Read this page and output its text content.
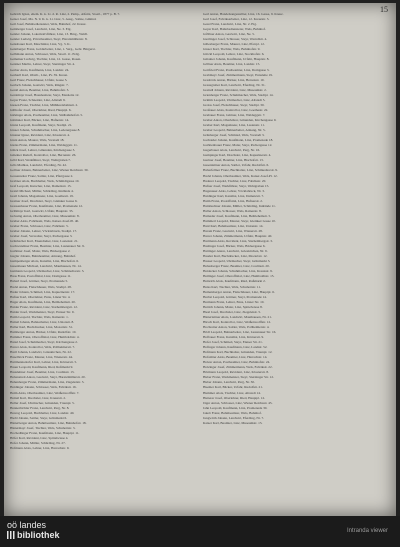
15

Gehrich Ignaz, ehem. K. k. Lt. d. R. Linz, 2. Pamp., Alfeitz, Stoatl., 1877 p. B. 7.

Geiser Josef, Ma. N. 9. K. k. Lt. Linz, 5. Ausg., Saline, Gmünd.

Geil Josef, Bahnbediensteter, Wels, Bahnhof, 22. Kreuz.

Geinberger Josef, Landwirt, Linz, Ne. 3. Eig.

Geisler Johann, Lokomotivführer, Linz, 13. Brng., Weldl.

Geisler Ludwig, Privatbeamter, Steyr, Haratzmüllerstr. 8.

Geissbauer Karl, Maschinist, Linz, Vg. 3. K.

Geistberger Franz, Goldarbeiter, Linz, 1. Verg., Gebr. Bürgerst.

Gelbmann Anton, Schlosser, Wels, Stoatl. 11. Erdg.

Gemeiner Ludwig, Tischler, Linz, 12. Gasse, Rosen.

Gentner Martin, Lehrer, Steyr, Sierninger Str. 4.

Gerber Alois, Kaufmann, Linz, Landstr. 24.

Gerhartl Karl, Obstlt., Linz, Pv. 39. Kreuz.

Gerl Franz, Fleischhauer, Urfahr, Gasse 5.

Gerlach Johann, Gastwirt, Wels, Ringstr. 7.

Gerstl Anton, Beamter, Linz, Bahnhofstr. 3.

Gerstmayr Josef, Hausbesitzer, Steyr, Ennsleite 12.

Geyer Franz, Schneider, Linz, Altstadt 9.

Giesen Franz, Tischler, Linz, Mühlkreisbahnstr. 2.

Gillhofer Josef, Oberlehrer, Ried, Hauptpl. 6.

Girkinger Alois, Postbeamter, Linz, Südbahnhofstr. 5.

Gittmaier Karl, Bäcker, Linz, Hafnerstr. 14.

Glanz Leopold, Kaufmann, Steyr, Stadtpl. 21.

Glaser Johann, Schuhmacher, Linz, Lederergasse 8.

Glasner Ignaz, Revident, Linz, Klosterstr. 4.

Glatz Anton, Maurer, Wels, Vorstadt 18.

Gleiss Franz, Zimmermann, Linz, Waldeggstr. 11.

Glück Josef, Lehrer, Gmunden, Kirchengasse 3.

Gmeiner Rudolf, Kontrollor, Linz, Herrenstr. 26.

Göbl Karl, Werkführer, Steyr, Wehrgraben 7.

Göls Mathias, Landwirt, Eferding, Nr. 42.

Gollner Johann, Bahnarbeiter, Linz, Wiener Reichsstr. 30.

Gossenreiter Franz, Sattler, Linz, Pfarrgasse 2.

Grabner Alois, Buchhalter, Wels, Schmidtgasse 10.

Graf Leopold, Kutscher, Linz, Dametzstr. 15.

Gratzl Michael, Müller, Schärding, Innlände 4.

Greil Johann, Magazineur, Linz, Goethestr. 19.

Greiner Josef, Drechsler, Steyr, Gleinker Gasse 6.

Gressenbauer Franz, Kaufmann, Linz, Promenade 12.

Grillmayr Karl, Gastwirt, Urfahr, Hauptstr. 33.

Grössing Anton, Oberbeamter, Linz, Museumstr. 8.

Gruber Alois, Fabrikant, Wels, Kaiser-Josef-Pl. 40.

Gruber Franz, Schlosser, Linz, Fabrikstr. 5.

Gruber Johann, Lehrer, Vöcklabruck, Stadtpl. 17.

Gruber Josef, Verwalter, Steyr, Pachergasse 3.

Grünbacher Karl, Eisendreher, Linz, Lastenstr. 21.

Gschwandtner Franz, Beamter, Linz, Lustenauer Str. 9.

Gstöttner Josef, Maler, Wels, Bäckergasse 2.

Gugler Johann, Bahnbeamter, Attnang, Bahnhof.

Gumpenberger Alois, Kanzlist, Linz, Bischofstr. 6.

Gusenbauer Michael, Landwirt, Mauthausen, Nr. 14.

Gutmann Leopold, Uhrmacher, Linz, Schmiedtorstr. 3.

Haas Franz, Postoffizial, Linz, Domgasse 11.

Haberl Josef, Gärtner, Steyr, Promenade 5.

Hackl Anton, Fleischhauer, Wels, Stadtpl. 28.

Hader Johann, Schmied, Linz, Kapuzinerstr. 17.

Hafner Karl, Oberlehrer, Enns, Linzer Str. 4.

Hager Alois, Kaufmann, Linz, Bethlehemstr. 20.

Haider Franz, Revident, Linz, Starhembergstr. 12.

Haider Josef, Werkmeister, Steyr, Ennser Str. 9.

Haim Leopold, Tischler, Wels, Rainerstr. 1.

Hainzl Johann, Bahnarbeiter, Linz, Unionstr. 8.

Haller Karl, Buchdrucker, Linz, Mozartstr. 31.

Hamberger Anton, Bäcker, Urfahr, Rudolfstr. 10.

Hammer Franz, Oberoffizial, Linz, Humboldtstr. 4.

Hansl Josef, Schuhmacher, Steyr, Kirchengasse 2.

Harrer Alois, Kontrollor, Wels, Pollheimerstr. 7.

Hartl Johann, Landwirt, Grieskirchen, Nr. 22.

Haselböck Franz, Maurer, Linz, Wienerstr. 44.

Hattmannsdorfer Karl, Lehrer, Linz, Körnerstr. 5.

Hauer Leopold, Kaufmann, Ried, Roßmarkt 9.

Hausleitner Josef, Beamter, Linz, Coulinstr. 13.

Hebenstreit Anton, Gastwirt, Steyr, Haratzmüllerstr. 20.

Hehenberger Franz, Zimmermann, Linz, Ziegeleistr. 3.

Heidinger Johann, Schlosser, Wels, Fabrikstr. 16.

Heim Alois, Oberbeamter, Linz, Weißenwolffstr. 7.

Heinzl Karl, Drechsler, Linz, Kreuzstr. 2.

Heller Josef, Uhrmacher, Gmunden, Traunpl. 5.

Hennerbichler Franz, Landwirt, Perg, Nr. 8.

Herzog Leopold, Buchhalter, Linz, Landstr. 40.

Hiebl Johann, Sattler, Steyr, Grünmarkt 6.

Hinterberger Anton, Bahnbeamter, Linz, Bahnhofstr. 18.

Hintermayr Josef, Tischler, Wels, Schubertstr. 3.

Hochedlinger Franz, Kaufmann, Linz, Hauptpl. 11.

Höfer Karl, Revident, Linz, Spittelwiese 4.

Hofer Johann, Müller, Schärding, Nr. 27.

Hofmann Alois, Lehrer, Linz, Harrachstr. 9.

Gerl Anton, Handelsangestellter, Linz, 16. Gasse, 9. Kreuz.

Gerl Josef, Fabriksarbeiter, Linz, 12. Kreuzstr. 3.

Gessl Franz, Landwirt, Linz, Nr. 2. Eig.

Geyer Karl, Bahnbediensteter, Wels, Bahnhof.

Gföllner Anton, Gastwirt, Linz, Ne. 5.

Gierlinger Josef, Schlosser, Steyr, Werndlstr. 4.

Gillesberger Franz, Maurer, Linz, Pfarrpl. 12.

Glaser Karl, Tischler, Wels, Bahnhofstr. 9.

Glöckl Leopold, Lehrer, Linz, Stockhofstr. 6.

Gmainer Johann, Kaufmann, Urfahr, Hauptstr. 8.

Göllner Alois, Beamter, Linz, Landstr. 15.

Gottfried Franz, Postbeamter, Linz, Domgasse 3.

Grabmayr Josef, Zimmermann, Steyr, Ennsleite 19.

Grasböck Anton, Bäcker, Linz, Herrenstr. 10.

Grausgruber Karl, Landwirt, Eferding, Nr. 31.

Greindl Johann, Revident, Linz, Museumstr. 2.

Grienberger Franz, Schuhmacher, Wels, Stadtpl. 14.

Grimm Leopold, Uhrmacher, Linz, Altstadt 5.

Groiss Josef, Fleischhauer, Steyr, Stadtpl. 30.

Großauer Alois, Kontrollor, Linz, Goethestr. 22.

Grubauer Franz, Gärtner, Linz, Waldeggstr. 7.

Gruber Anton, Oberlehrer, Gmunden, Kirchengasse 9.

Gruber Karl, Magazineur, Linz, Lastenstr. 11.

Gruber Leopold, Bahnarbeiter, Attnang, Nr. 5.

Grünberger Josef, Schmied, Wels, Vorstadt 3.

Gschaider Johann, Kaufmann, Linz, Promenade 18.

Gstöttenbauer Franz, Maler, Steyr, Pachergasse 12.

Gugerbauer Alois, Landwirt, Perg, Nr. 16.

Gumpinger Karl, Drechsler, Linz, Kapuzinerstr. 4.

Gurtner Josef, Beamter, Linz, Bischofstr. 13.

Gusenleitner Anton, Sattler, Urfahr, Rudolfstr. 6.

Haberfellner Franz, Buchhalter, Linz, Schmiedtorstr. 9.

Hackl Johann, Oberbeamter, Wels, Kaiser-Josef-Pl. 12.

Haderer Leopold, Tischler, Linz, Fabrikstr. 20.

Hafner Josef, Werkführer, Steyr, Wehrgraben 15.

Hagenauer Alois, Lehrer, Vöcklabruck, Nr. 3.

Haidinger Karl, Kanzlist, Linz, Dametzstr. 7.

Haim Franz, Postoffizial, Linz, Hafnerstr. 2.

Hainbuchner Johann, Müller, Schärding, Innlände 11.

Haller Anton, Schlosser, Wels, Rainerstr. 8.

Hamader Josef, Kaufmann, Linz, Bethlehemstr. 5.

Hammerl Leopold, Maurer, Steyr, Gleinker Gasse 10.

Hanl Karl, Bahnbeamter, Linz, Unionstr. 14.

Harant Franz, Gastwirt, Linz, Wienerstr. 28.

Harrer Johann, Zimmermann, Urfahr, Hauptstr. 40.

Hartmann Alois, Revident, Linz, Starhembergstr. 3.

Haslinger Josef, Bäcker, Wels, Bäckergasse 6.

Hattinger Anton, Landwirt, Grieskirchen, Nr. 9.

Hauder Karl, Buchdrucker, Linz, Mozartstr. 12.

Hauser Leopold, Uhrmacher, Steyr, Grünmarkt 3.

Hebesberger Franz, Beamter, Linz, Coulinstr. 20.

Heidecker Johann, Schuhmacher, Linz, Kreuzstr. 9.

Heilinger Josef, Oberoffizial, Linz, Humboldtstr. 15.

Heinrich Alois, Kaufmann, Ried, Roßmarkt 2.

Heiss Karl, Tischler, Wels, Schubertstr. 11.

Hemetsberger Anton, Fleischhauer, Linz, Hauptpl. 6.

Herbst Leopold, Gärtner, Steyr, Promenade 14.

Hermann Franz, Lehrer, Enns, Linzer Str. 10.

Hettich Johann, Maler, Linz, Spittelwiese 8.

Hiesl Josef, Drechsler, Linz, Ziegeleistr. 5.

Hinterleitner Alois, Landwirt, Mauthausen, Nr. 21.

Hirsch Karl, Kontrollor, Linz, Weißenwolffstr. 12.

Hochreiter Anton, Sattler, Wels, Pollheimerstr. 4.

Hödl Leopold, Bahnarbeiter, Linz, Lustenauer Str. 16.

Hofbauer Franz, Kanzlist, Linz, Körnerstr. 9.

Hofer Josef, Schmied, Steyr, Ennser Str. 21.

Hofinger Johann, Kaufmann, Linz, Landstr. 52.

Hofmann Karl, Buchhalter, Gmunden, Traunpl. 12.

Hofstätter Alois, Beamter, Linz, Harrachstr. 14.

Holzer Anton, Postbeamter, Linz, Bahnhofstr. 24.

Holzinger Josef, Zimmermann, Wels, Fabrikstr. 22.

Hörmann Leopold, Revident, Linz, Klosterstr. 8.

Huber Franz, Werkmeister, Steyr, Sierninger Str. 12.

Huber Johann, Landwirt, Perg, Nr. 30.

Huemer Karl, Bäcker, Urfahr, Rudolfstr. 21.

Hummer Alois, Tischler, Linz, Altstadt 14.

Hutterer Josef, Oberlehrer, Ried, Hauptpl. 12.

Jäger Anton, Schlosser, Linz, Wiener Reichsstr. 45.

Jahn Leopold, Kaufmann, Linz, Promenade 30.

Jakob Franz, Bahnbeamter, Wels, Bahnhof.

Jungwirth Johann, Landwirt, Eferding, Nr. 7.

Kaiser Karl, Beamter, Linz, Museumstr. 15.

oö landes
bibliothek	Intranda viewer
